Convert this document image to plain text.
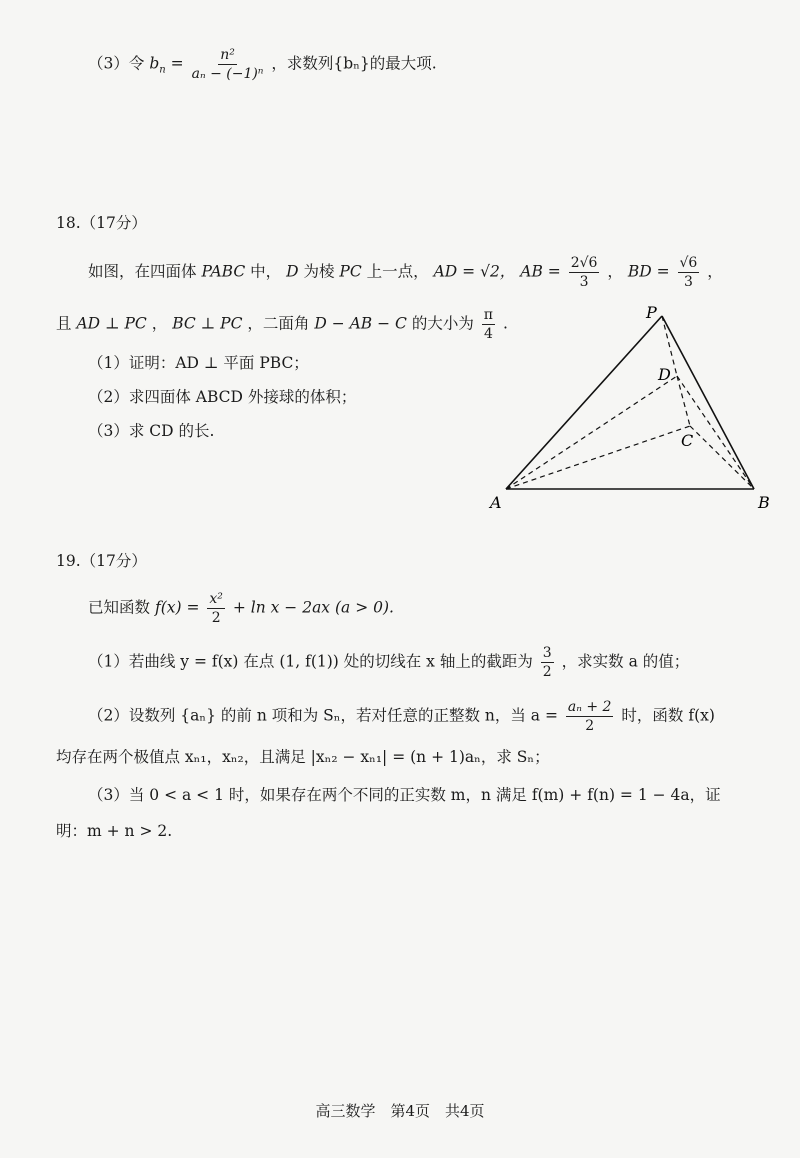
（3）令 $b_n = \frac{\text{n²}}{\text{aₙ − (−1)ⁿ}}$ ，求数列{bₙ}的最大项.
18.（17分）
如图，在四面体 PABC 中， D 为棱 PC 上一点， AD = √2， AB = $\frac{2√6}{3}$ ， BD = $\frac{√6}{3}$ ，
且 AD ⊥ PC ， BC ⊥ PC ，二面角 D − AB − C 的大小为 $\frac{\pi}{4}$ .
（1）证明：AD ⊥ 平面 PBC；
（2）求四面体 ABCD 外接球的体积；
（3）求 CD 的长.
P
D
C
A	B
19.（17分）
已知函数 $f(x) = \frac{\text{x²}}{2} + \ln x - 2ax$ (a > 0).
（1）若曲线 y = f(x) 在点 (1, f(1)) 处的切线在 x 轴上的截距为 $\frac{3}{2}$ ，求实数 a 的值；
（2）设数列 {aₙ} 的前 n 项和为 Sₙ，若对任意的正整数 n，当 $a = \frac{\text{aₙ + 2}}{2}$ 时，函数 f(x)
均存在两个极值点 xₙ₁，xₙ₂，且满足 |xₙ₂ − xₙ₁| = (n + 1)aₙ，求 Sₙ；
（3）当 0 < a < 1 时，如果存在两个不同的正实数 m，n 满足 f(m) + f(n) = 1 − 4a，证
明：m + n > 2.
高三数学　第4页　共4页
